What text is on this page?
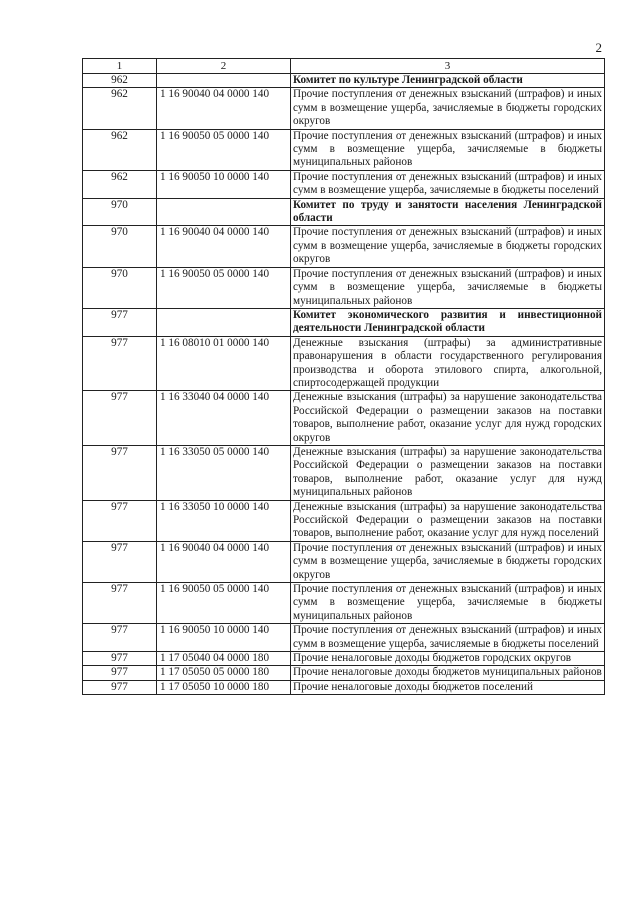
2
1	2	3
962		Комитет по культуре Ленинградской области
962	1 16 90040 04 0000 140	Прочие поступления от денежных взысканий (штрафов) и иных сумм в возмещение ущерба, зачисляемые в бюджеты городских округов
962	1 16 90050 05 0000 140	Прочие поступления от денежных взысканий (штрафов) и иных сумм в возмещение ущерба, зачисляемые в бюджеты муниципальных районов
962	1 16 90050 10 0000 140	Прочие поступления от денежных взысканий (штрафов) и иных сумм в возмещение ущерба, зачисляемые в бюджеты поселений
970		Комитет по труду и занятости населения Ленинградской области
970	1 16 90040 04 0000 140	Прочие поступления от денежных взысканий (штрафов) и иных сумм в возмещение ущерба, зачисляемые в бюджеты городских округов
970	1 16 90050 05 0000 140	Прочие поступления от денежных взысканий (штрафов) и иных сумм в возмещение ущерба, зачисляемые в бюджеты муниципальных районов
977		Комитет экономического развития и инвестиционной деятельности Ленинградской области
977	1 16 08010 01 0000 140	Денежные взыскания (штрафы) за административные правонарушения в области государственного регулирования производства и оборота этилового спирта, алкогольной, спиртосодержащей продукции
977	1 16 33040 04 0000 140	Денежные взыскания (штрафы) за нарушение законодательства Российской Федерации о размещении заказов на поставки товаров, выполнение работ, оказание услуг для нужд городских округов
977	1 16 33050 05 0000 140	Денежные взыскания (штрафы) за нарушение законодательства Российской Федерации о размещении заказов на поставки товаров, выполнение работ, оказание услуг для нужд муниципальных районов
977	1 16 33050 10 0000 140	Денежные взыскания (штрафы) за нарушение законодательства Российской Федерации о размещении заказов на поставки товаров, выполнение работ, оказание услуг для нужд поселений
977	1 16 90040 04 0000 140	Прочие поступления от денежных взысканий (штрафов) и иных сумм в возмещение ущерба, зачисляемые в бюджеты городских округов
977	1 16 90050 05 0000 140	Прочие поступления от денежных взысканий (штрафов) и иных сумм в возмещение ущерба, зачисляемые в бюджеты муниципальных районов
977	1 16 90050 10 0000 140	Прочие поступления от денежных взысканий (штрафов) и иных сумм в возмещение ущерба, зачисляемые в бюджеты поселений
977	1 17 05040 04 0000 180	Прочие неналоговые доходы бюджетов городских округов
977	1 17 05050 05 0000 180	Прочие неналоговые доходы бюджетов муниципальных районов
977	1 17 05050 10 0000 180	Прочие неналоговые доходы бюджетов поселений
